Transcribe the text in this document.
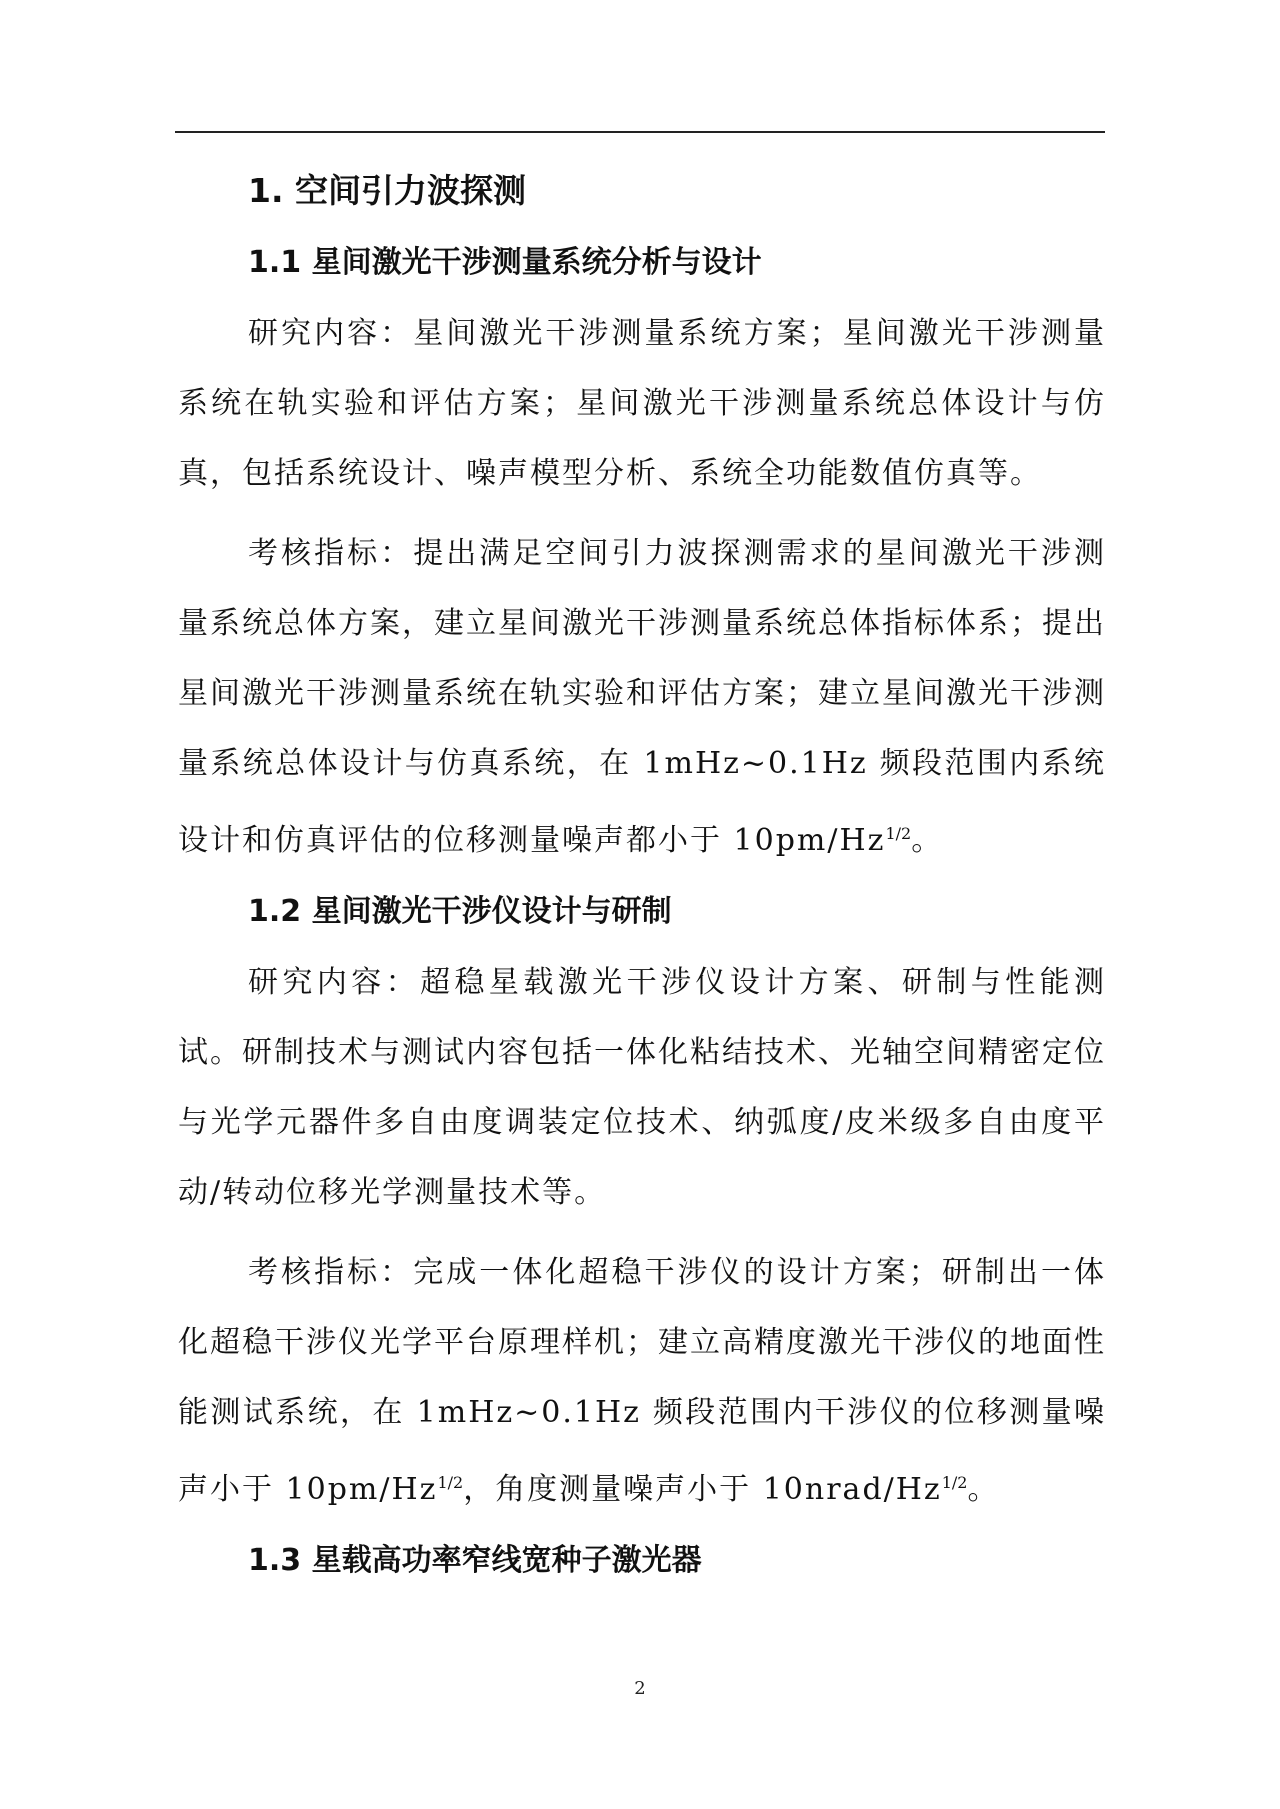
1. 空间引力波探测
1.1 星间激光干涉测量系统分析与设计
研究内容：星间激光干涉测量系统方案；星间激光干涉测量系统在轨实验和评估方案；星间激光干涉测量系统总体设计与仿真，包括系统设计、噪声模型分析、系统全功能数值仿真等。
考核指标：提出满足空间引力波探测需求的星间激光干涉测量系统总体方案，建立星间激光干涉测量系统总体指标体系；提出星间激光干涉测量系统在轨实验和评估方案；建立星间激光干涉测量系统总体设计与仿真系统，在 1mHz~0.1Hz 频段范围内系统设计和仿真评估的位移测量噪声都小于 $10pm/Hz^{1/2}$。
1.2 星间激光干涉仪设计与研制
研究内容：超稳星载激光干涉仪设计方案、研制与性能测试。研制技术与测试内容包括一体化粘结技术、光轴空间精密定位与光学元器件多自由度调装定位技术、纳弧度/皮米级多自由度平动/转动位移光学测量技术等。
考核指标：完成一体化超稳干涉仪的设计方案；研制出一体化超稳干涉仪光学平台原理样机；建立高精度激光干涉仪的地面性能测试系统，在 1mHz~0.1Hz 频段范围内干涉仪的位移测量噪声小于 $10pm/Hz^{1/2}$，角度测量噪声小于 $10nrad/Hz^{1/2}$。
1.3 星载高功率窄线宽种子激光器
2
